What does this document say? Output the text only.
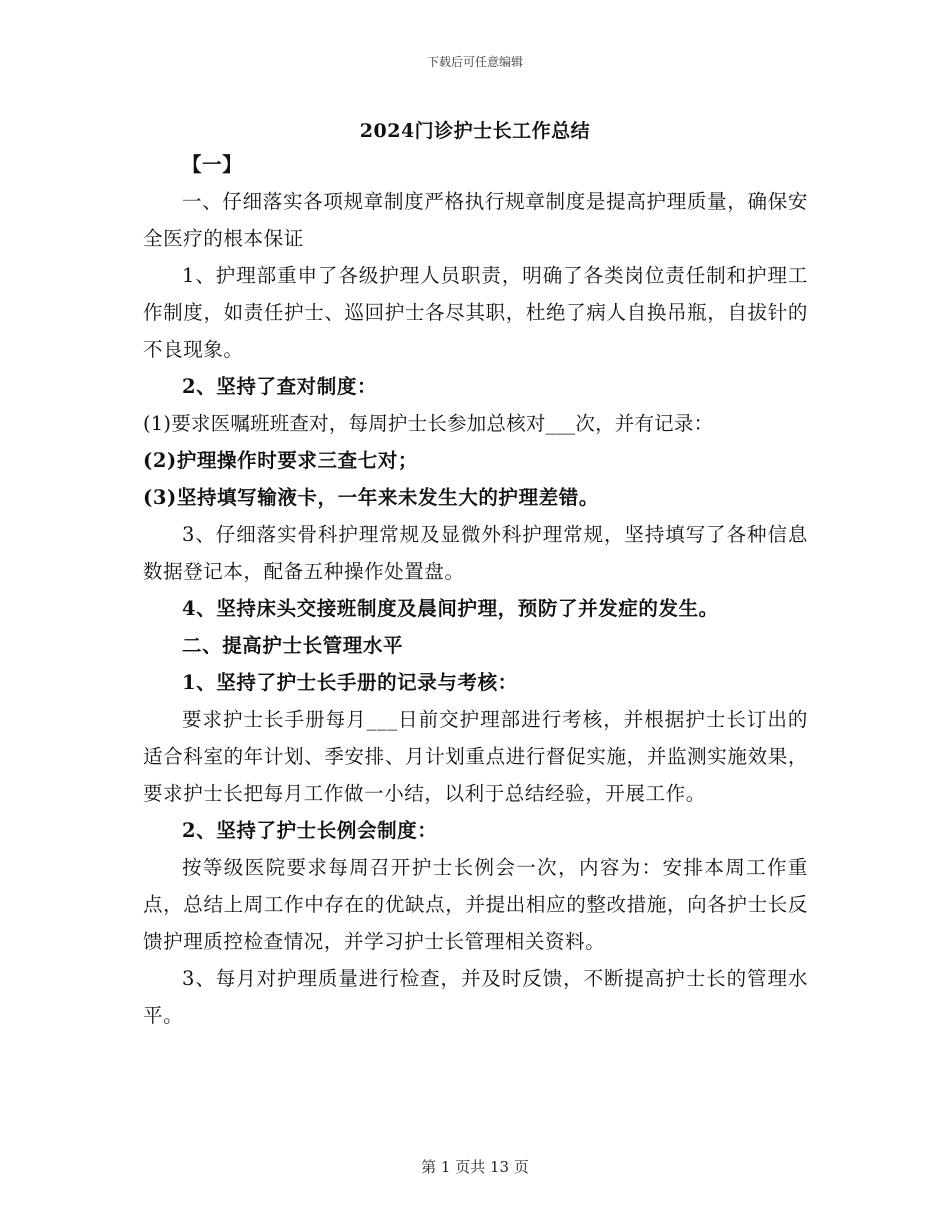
下载后可任意编辑
2024门诊护士长工作总结

【一】

一、仔细落实各项规章制度严格执行规章制度是提高护理质量，确保安全医疗的根本保证

1、护理部重申了各级护理人员职责，明确了各类岗位责任制和护理工作制度，如责任护士、巡回护士各尽其职，杜绝了病人自换吊瓶，自拔针的不良现象。

2、坚持了查对制度：

(1)要求医嘱班班查对，每周护士长参加总核对___次，并有记录：

(2)护理操作时要求三查七对；

(3)坚持填写输液卡，一年来未发生大的护理差错。

3、仔细落实骨科护理常规及显微外科护理常规，坚持填写了各种信息数据登记本，配备五种操作处置盘。

4、坚持床头交接班制度及晨间护理，预防了并发症的发生。

二、提高护士长管理水平

1、坚持了护士长手册的记录与考核：

要求护士长手册每月___日前交护理部进行考核，并根据护士长订出的适合科室的年计划、季安排、月计划重点进行督促实施，并监测实施效果，要求护士长把每月工作做一小结，以利于总结经验，开展工作。

2、坚持了护士长例会制度：

按等级医院要求每周召开护士长例会一次，内容为：安排本周工作重点，总结上周工作中存在的优缺点，并提出相应的整改措施，向各护士长反馈护理质控检查情况，并学习护士长管理相关资料。

3、每月对护理质量进行检查，并及时反馈，不断提高护士长的管理水平。

第 1 页共 13 页
